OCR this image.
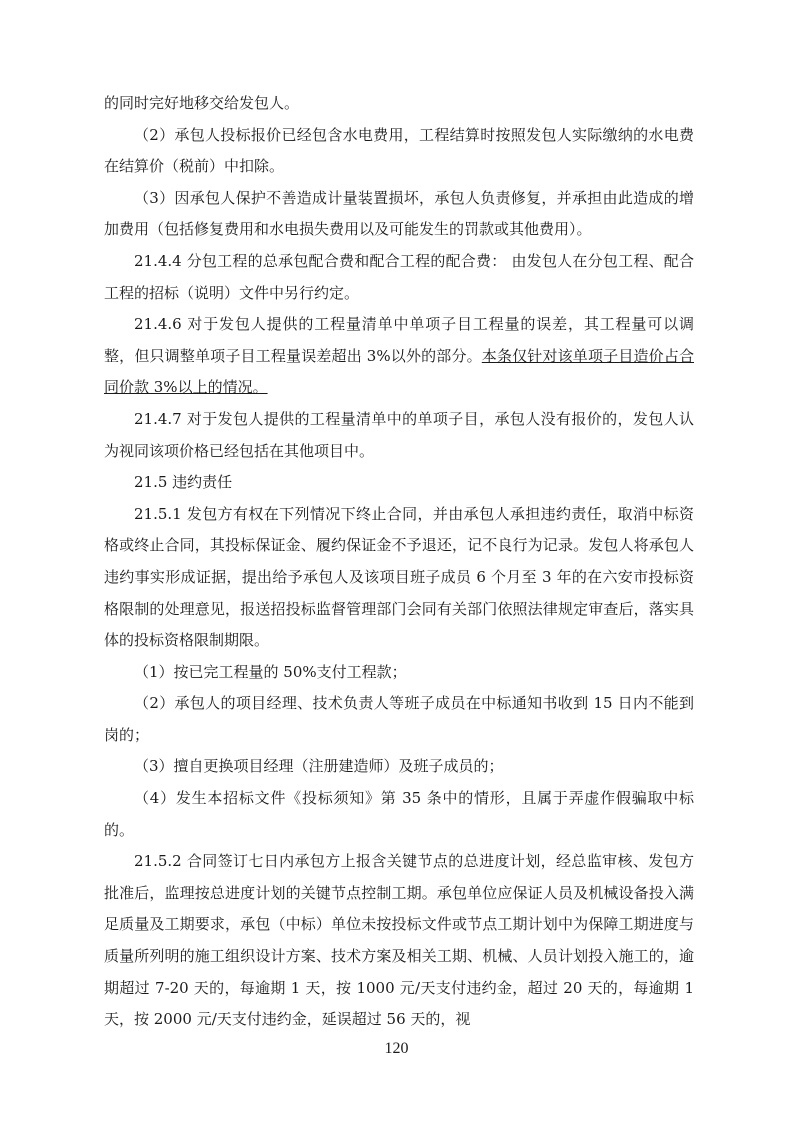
的同时完好地移交给发包人。

（2）承包人投标报价已经包含水电费用，工程结算时按照发包人实际缴纳的水电费在结算价（税前）中扣除。

（3）因承包人保护不善造成计量装置损坏，承包人负责修复，并承担由此造成的增加费用（包括修复费用和水电损失费用以及可能发生的罚款或其他费用）。

21.4.4 分包工程的总承包配合费和配合工程的配合费： 由发包人在分包工程、配合工程的招标（说明）文件中另行约定。

21.4.6 对于发包人提供的工程量清单中单项子目工程量的误差，其工程量可以调整，但只调整单项子目工程量误差超出 3%以外的部分。本条仅针对该单项子目造价占合同价款 3%以上的情况。

21.4.7 对于发包人提供的工程量清单中的单项子目，承包人没有报价的，发包人认为视同该项价格已经包括在其他项目中。

21.5 违约责任

21.5.1 发包方有权在下列情况下终止合同，并由承包人承担违约责任，取消中标资格或终止合同，其投标保证金、履约保证金不予退还，记不良行为记录。发包人将承包人违约事实形成证据，提出给予承包人及该项目班子成员 6 个月至 3 年的在六安市投标资格限制的处理意见，报送招投标监督管理部门会同有关部门依照法律规定审查后，落实具体的投标资格限制期限。

（1）按已完工程量的 50%支付工程款；

（2）承包人的项目经理、技术负责人等班子成员在中标通知书收到 15 日内不能到岗的；

（3）擅自更换项目经理（注册建造师）及班子成员的；

（4）发生本招标文件《投标须知》第 35 条中的情形，且属于弄虚作假骗取中标的。

21.5.2 合同签订七日内承包方上报含关键节点的总进度计划，经总监审核、发包方批准后，监理按总进度计划的关键节点控制工期。承包单位应保证人员及机械设备投入满足质量及工期要求，承包（中标）单位未按投标文件或节点工期计划中为保障工期进度与质量所列明的施工组织设计方案、技术方案及相关工期、机械、人员计划投入施工的，逾期超过 7-20 天的，每逾期 1 天，按 1000 元/天支付违约金，超过 20 天的，每逾期 1 天，按 2000 元/天支付违约金，延误超过 56 天的，视

120
